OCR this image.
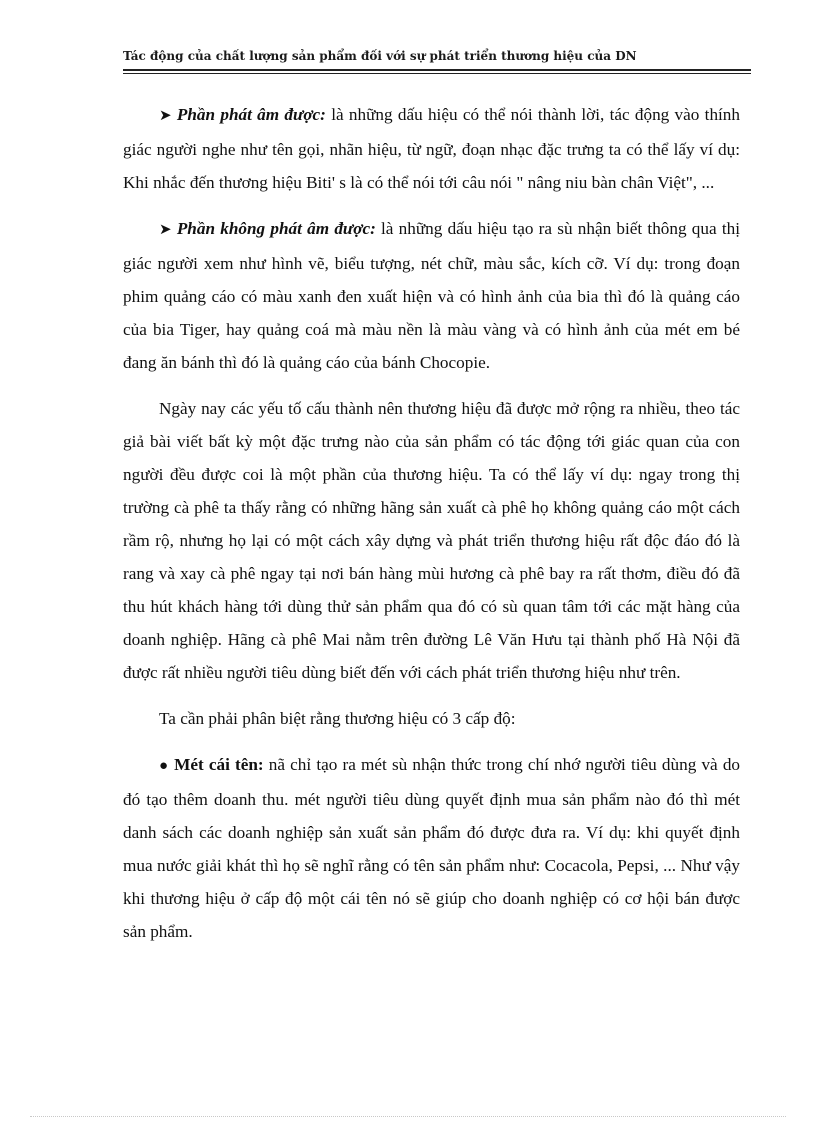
Tác động của chất lượng sản phẩm đối với sự phát triển thương hiệu của DN

➤ Phần phát âm được: là những dấu hiệu có thể nói thành lời, tác động vào thính giác người nghe như tên gọi, nhãn hiệu, từ ngữ, đoạn nhạc đặc trưng ta có thể lấy ví dụ: Khi nhắc đến thương hiệu Biti' s là có thể nói tới câu nói " nâng niu bàn chân Việt", ...

➤ Phần không phát âm được: là những dấu hiệu tạo ra sù nhận biết thông qua thị giác người xem như hình vẽ, biểu tượng, nét chữ, màu sắc, kích cỡ. Ví dụ: trong đoạn phim quảng cáo có màu xanh đen xuất hiện và có hình ảnh của bia thì đó là quảng cáo của bia Tiger, hay quảng coá mà màu nền là màu vàng và có hình ảnh của mét em bé đang ăn bánh thì đó là quảng cáo của bánh Chocopie.

Ngày nay các yếu tố cấu thành nên thương hiệu đã được mở rộng ra nhiều, theo tác giả bài viết bất kỳ một đặc trưng nào của sản phẩm có tác động tới giác quan của con người đều được coi là một phần của thương hiệu. Ta có thể lấy ví dụ: ngay trong thị trường cà phê ta thấy rằng có những hãng sản xuất cà phê họ không quảng cáo một cách rầm rộ, nhưng họ lại có một cách xây dựng và phát triển thương hiệu rất độc đáo đó là rang và xay cà phê ngay tại nơi bán hàng mùi hương cà phê bay ra rất thơm, điều đó đã thu hút khách hàng tới dùng thử sản phẩm qua đó có sù quan tâm tới các mặt hàng của doanh nghiệp. Hãng cà phê Mai nằm trên đường Lê Văn Hưu tại thành phố Hà Nội đã được rất nhiều người tiêu dùng biết đến với cách phát triển thương hiệu như trên.

Ta cần phải phân biệt rằng thương hiệu có 3 cấp độ:

● Mét cái tên: nã chỉ tạo ra mét sù nhận thức trong chí nhớ người tiêu dùng và do đó tạo thêm doanh thu. mét người tiêu dùng quyết định mua sản phẩm nào đó thì mét danh sách các doanh nghiệp sản xuất sản phẩm đó được đưa ra. Ví dụ: khi quyết định mua nước giải khát thì họ sẽ nghĩ rằng có tên sản phẩm như: Cocacola, Pepsi, ... Như vậy khi thương hiệu ở cấp độ một cái tên nó sẽ giúp cho doanh nghiệp có cơ hội bán được sản phẩm.
